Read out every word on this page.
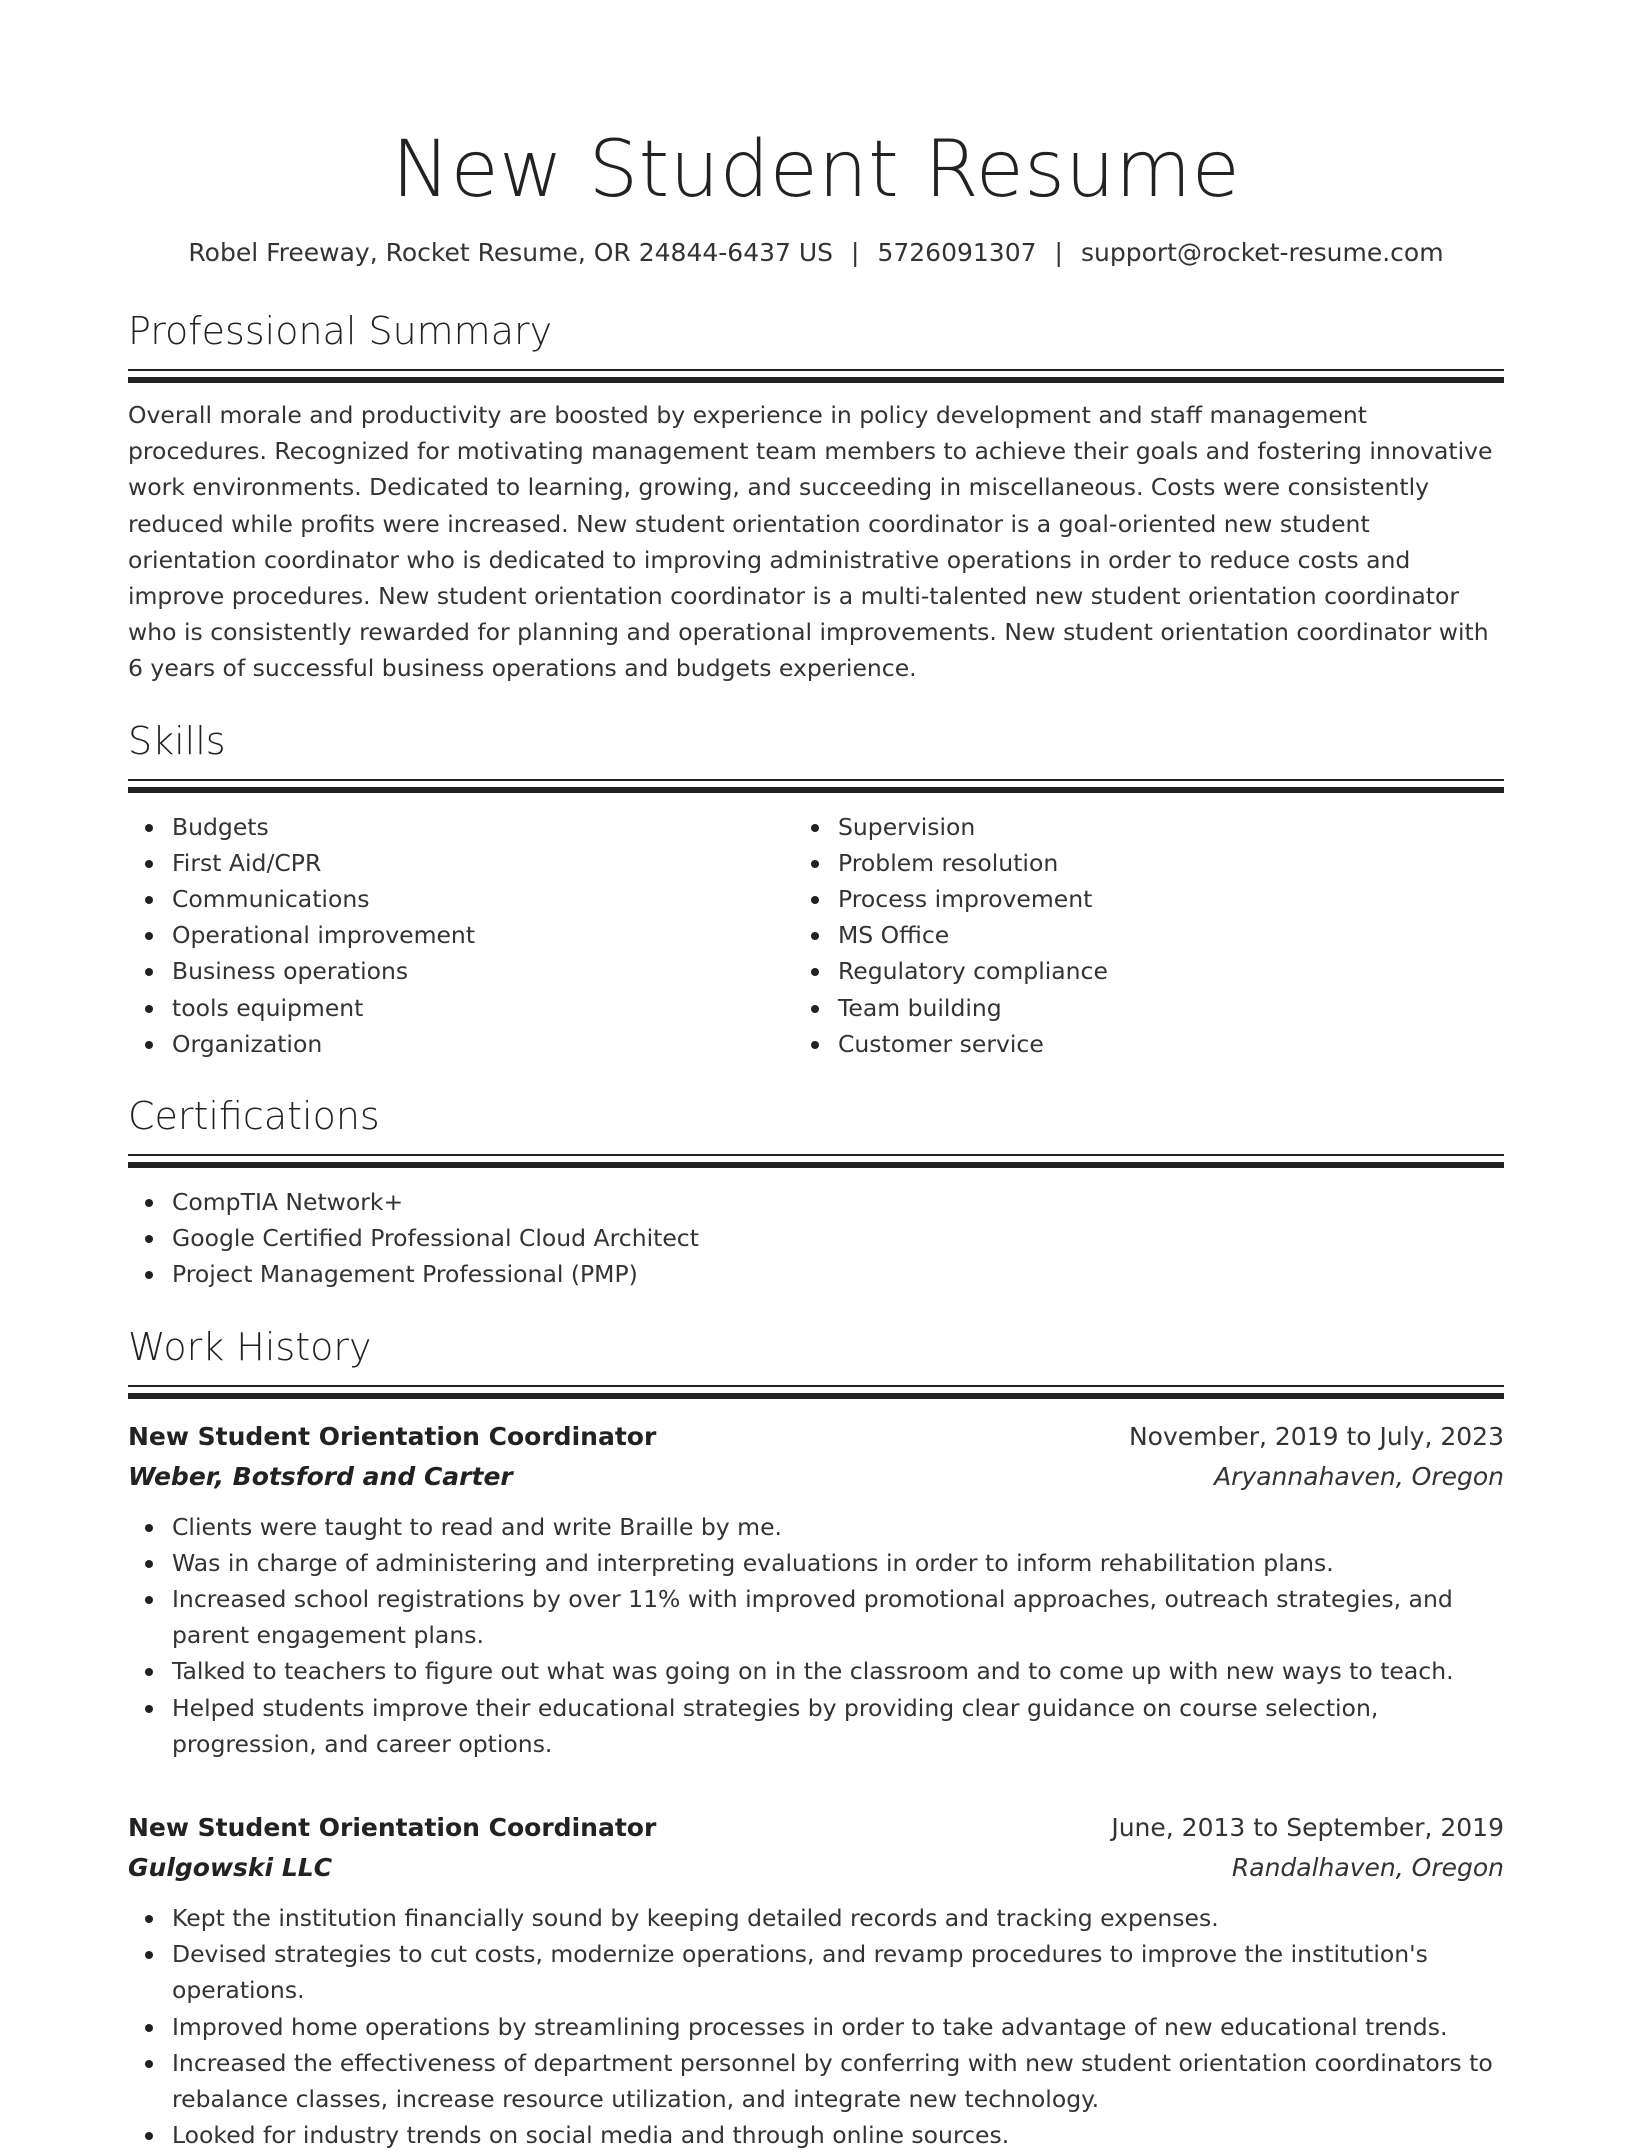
New Student Resume
Robel Freeway, Rocket Resume, OR 24844-6437 US | 5726091307 | support@rocket-resume.com
Professional Summary

Overall morale and productivity are boosted by experience in policy development and staff management procedures. Recognized for motivating management team members to achieve their goals and fostering innovative work environments. Dedicated to learning, growing, and succeeding in miscellaneous. Costs were consistently reduced while profits were increased. New student orientation coordinator is a goal-oriented new student orientation coordinator who is dedicated to improving administrative operations in order to reduce costs and improve procedures. New student orientation coordinator is a multi-talented new student orientation coordinator who is consistently rewarded for planning and operational improvements. New student orientation coordinator with 6 years of successful business operations and budgets experience.

Skills
Budgets
First Aid/CPR
Communications
Operational improvement
Business operations
tools equipment
Organization
Supervision
Problem resolution
Process improvement
MS Office
Regulatory compliance
Team building
Customer service
Certifications
CompTIA Network+
Google Certified Professional Cloud Architect
Project Management Professional (PMP)
Work History
New Student Orientation Coordinator	November, 2019 to July, 2023
Weber, Botsford and Carter	Aryannahaven, Oregon
Clients were taught to read and write Braille by me.
Was in charge of administering and interpreting evaluations in order to inform rehabilitation plans.
Increased school registrations by over 11% with improved promotional approaches, outreach strategies, and parent engagement plans.
Talked to teachers to figure out what was going on in the classroom and to come up with new ways to teach.
Helped students improve their educational strategies by providing clear guidance on course selection, progression, and career options.
New Student Orientation Coordinator	June, 2013 to September, 2019
Gulgowski LLC	Randalhaven, Oregon
Kept the institution financially sound by keeping detailed records and tracking expenses.
Devised strategies to cut costs, modernize operations, and revamp procedures to improve the institution's operations.
Improved home operations by streamlining processes in order to take advantage of new educational trends.
Increased the effectiveness of department personnel by conferring with new student orientation coordinators to rebalance classes, increase resource utilization, and integrate new technology.
Looked for industry trends on social media and through online sources.
